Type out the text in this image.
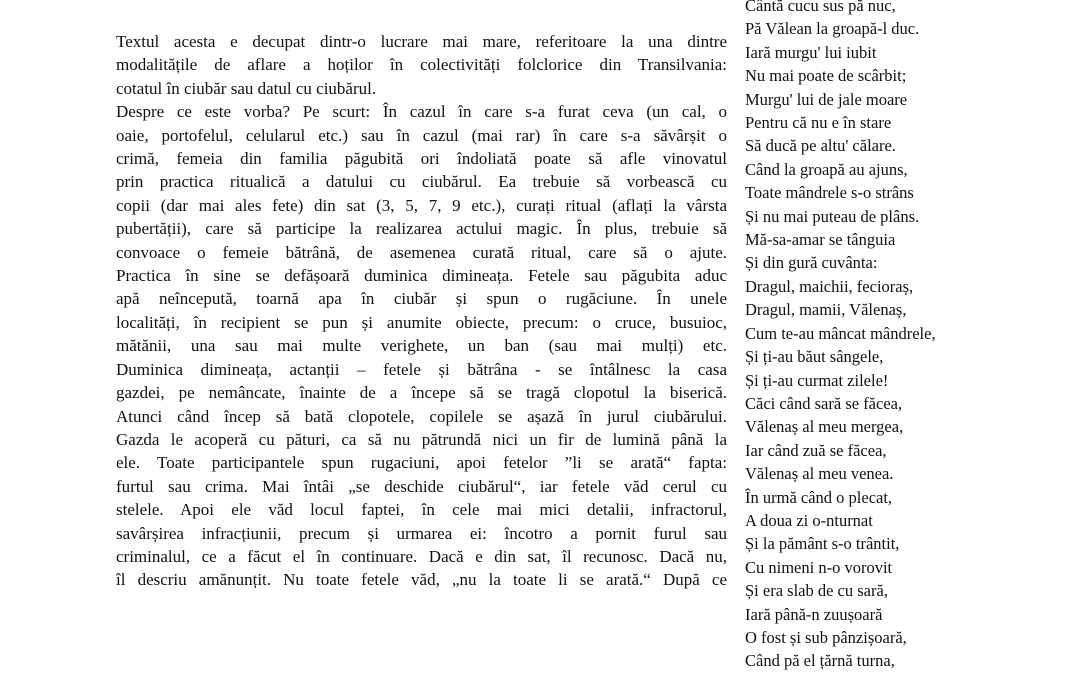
Textul acesta e decupat dintr-o lucrare mai mare, referitoare la una dintre
modalitățile de aflare a hoților în colectivități folclorice din Transilvania:
cotatul în ciubăr sau datul cu ciubărul.
Despre ce este vorba? Pe scurt: În cazul în care s-a furat ceva (un cal, o
oaie, portofelul, celularul etc.) sau în cazul (mai rar) în care s-a săvârșit o
crimă, femeia din familia păgubită ori îndoliată poate să afle vinovatul
prin practica ritualică a datului cu ciubărul. Ea trebuie să vorbească cu
copii (dar mai ales fete) din sat (3, 5, 7, 9 etc.), curați ritual (aflați la vârsta
pubertății), care să participe la realizarea actului magic. În plus, trebuie să
convoace o femeie bătrână, de asemenea curată ritual, care să o ajute.
Practica în sine se defășoară duminica dimineața. Fetele sau păgubita aduc
apă neîncepută, toarnă apa în ciubăr și spun o rugăciune. În unele
localități, în recipient se pun și anumite obiecte, precum: o cruce, busuioc,
mătănii, una sau mai multe verighete, un ban (sau mai mulți) etc.
Duminica dimineața, actanții – fetele și bătrâna - se întâlnesc la casa
gazdei, pe nemâncate, înainte de a începe să se tragă clopotul la biserică.
Atunci când încep să bată clopotele, copilele se așază în jurul ciubărului.
Gazda le acoperă cu pături, ca să nu pătrundă nici un fir de lumină până la
ele. Toate participantele spun rugaciuni, apoi fetelor ”li se arată“ fapta:
furtul sau crima. Mai întâi „se deschide ciubărul“, iar fetele văd cerul cu
stelele. Apoi ele văd locul faptei, în cele mai mici detalii, infractorul,
savârșirea infracțiunii, precum și urmarea ei: încotro a pornit furul sau
criminalul, ce a făcut el în continuare. Dacă e din sat, îl recunosc. Dacă nu,
îl descriu amănunțit. Nu toate fetele văd, „nu la toate li se arată.“ După ce
Cântă cucu sus pă nuc,
Pă Vălean la groapă-l duc.
Iară murgu' lui iubit
Nu mai poate de scârbit;
Murgu' lui de jale moare
Pentru că nu e în stare
Să ducă pe altu' călare.
Când la groapă au ajuns,
Toate mândrele s-o strâns
Și nu mai puteau de plâns.
Mă-sa-amar se tânguia
Și din gură cuvânta:
Dragul, maichii, fecioraș,
Dragul, mamii, Vălenaș,
Cum te-au mâncat mândrele,
Și ți-au băut sângele,
Și ți-au curmat zilele!
Căci când sară se făcea,
Vălenaș al meu mergea,
Iar când zuă se făcea,
Vălenaș al meu venea.
În urmă când o plecat,
A doua zi o-nturnat
Și la pământ s-o trântit,
Cu nimeni n-o vorovit
Și era slab de cu sară,
Iară până-n zuușoară
O fost și sub pânzișoară,
Când pă el țărnă turna,
